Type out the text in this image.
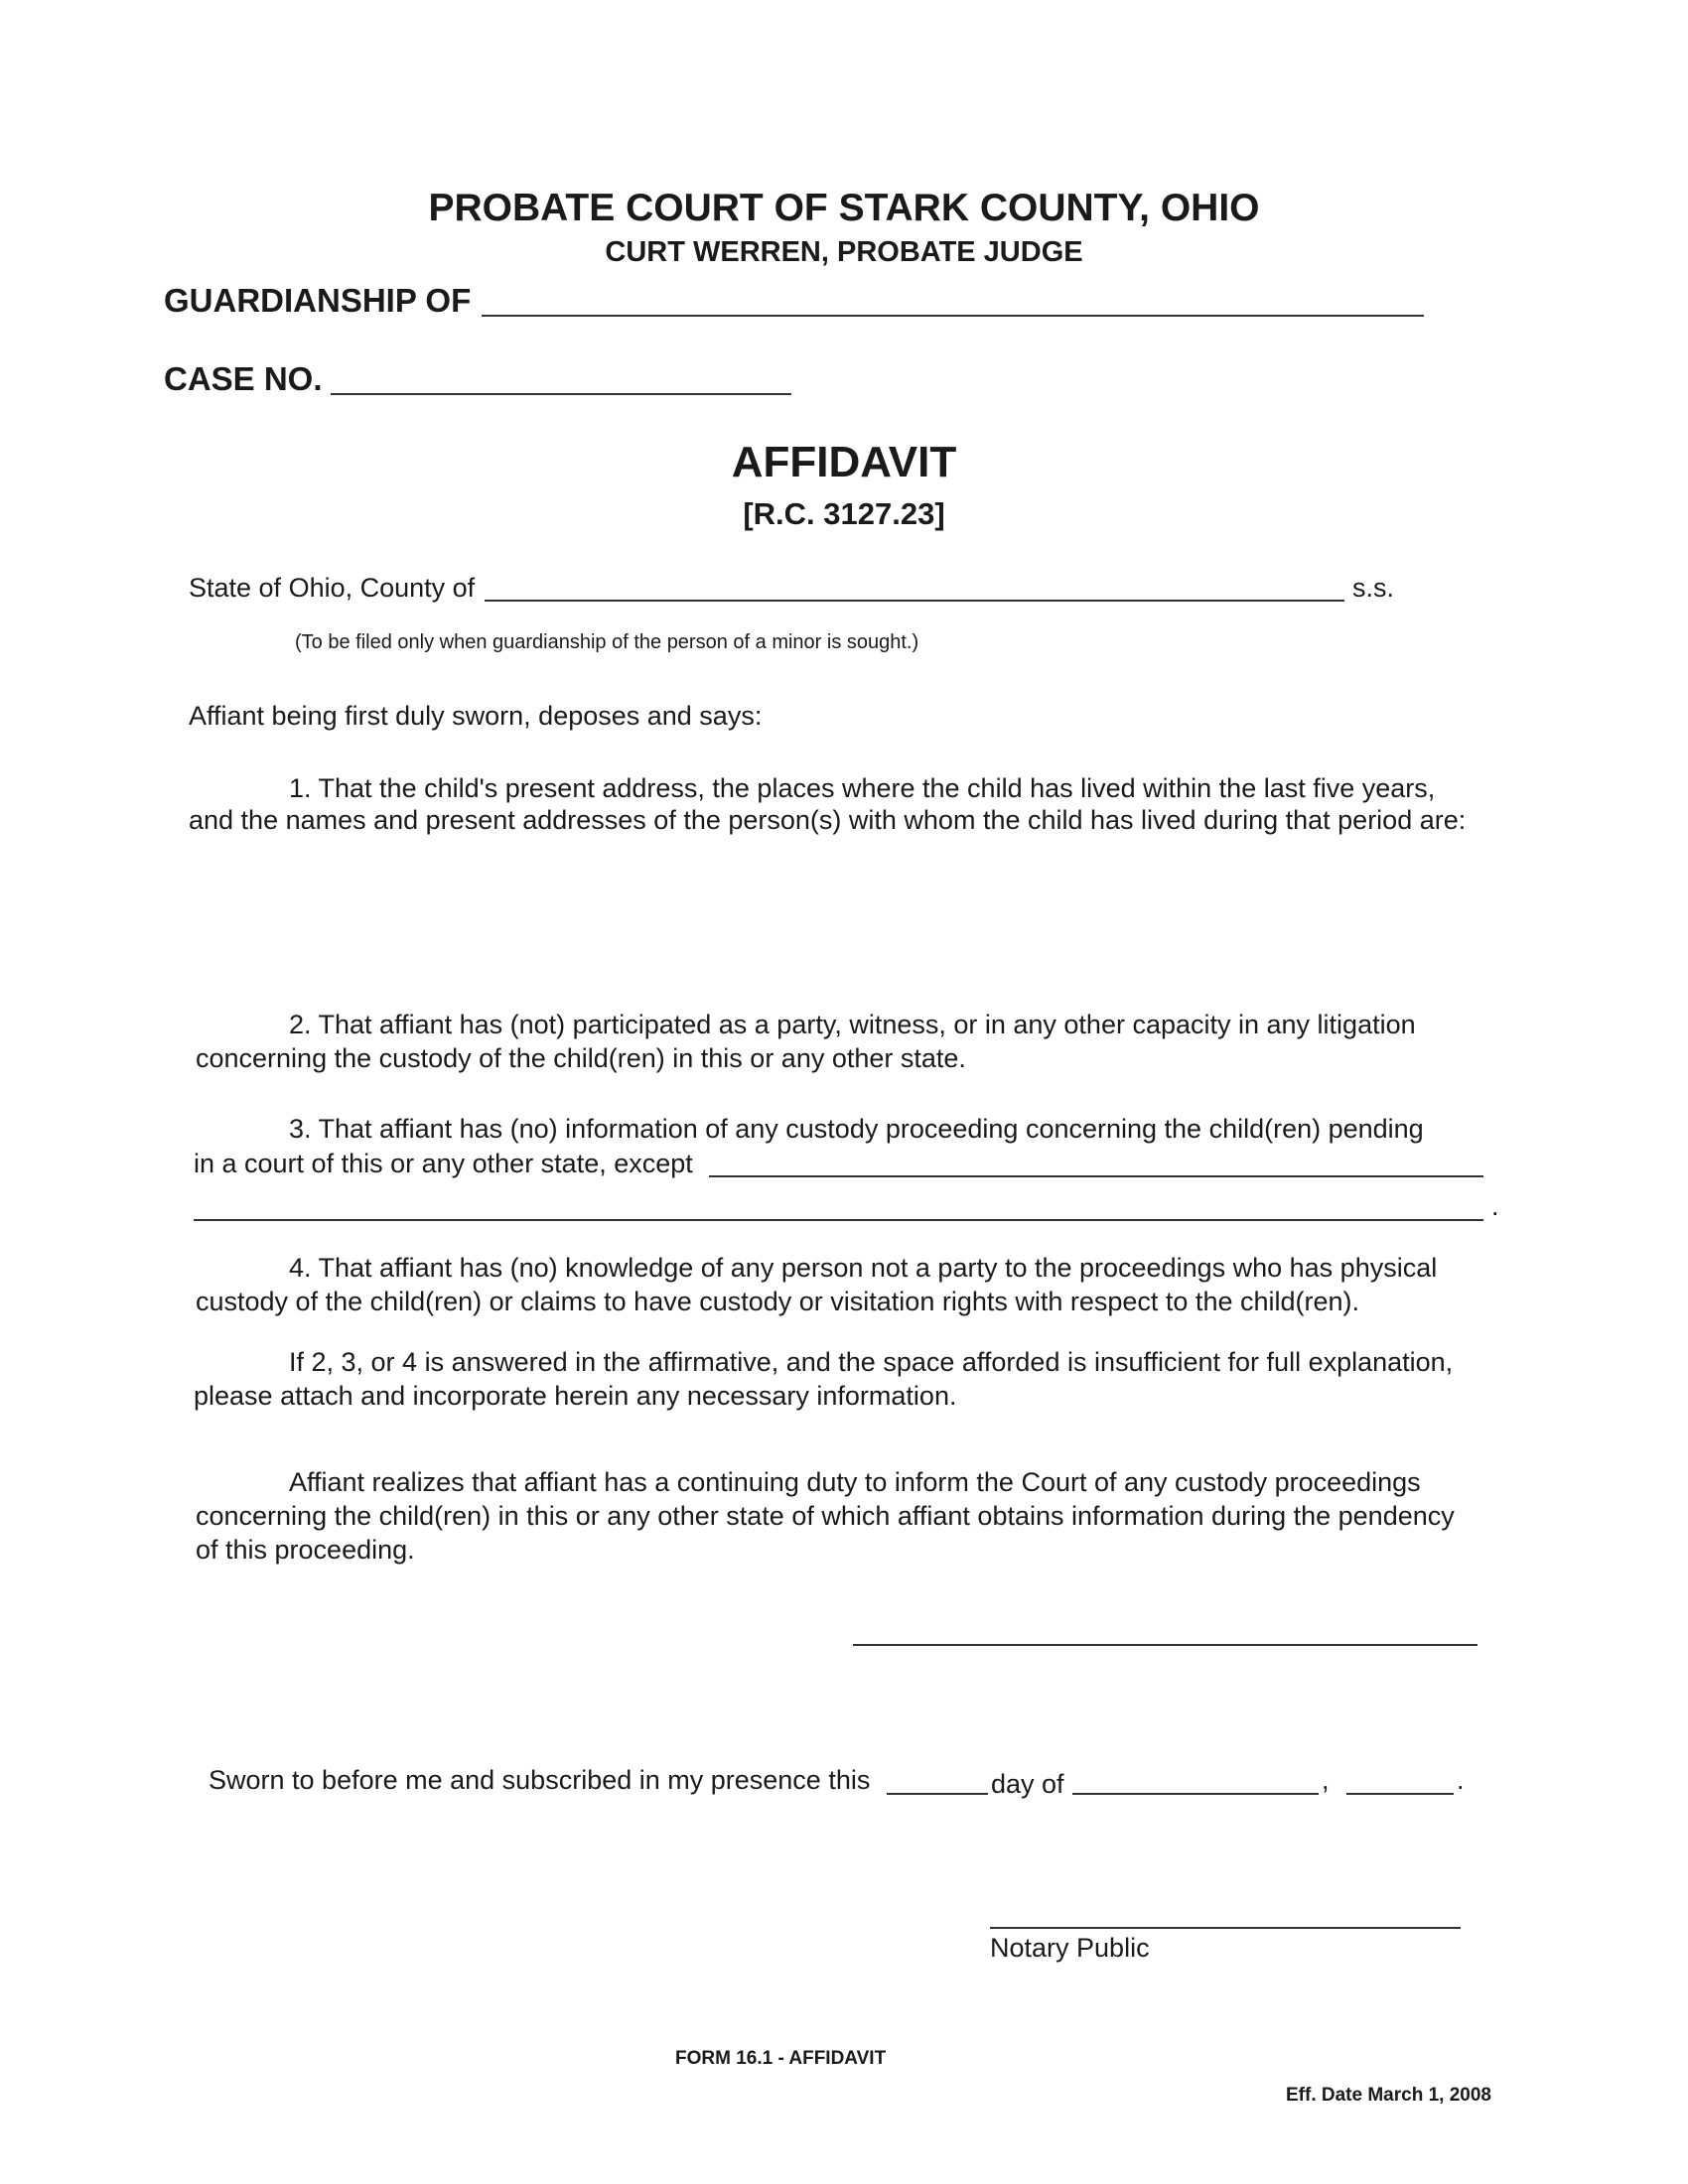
PROBATE COURT OF STARK COUNTY, OHIO
CURT WERREN, PROBATE JUDGE
GUARDIANSHIP OF
CASE NO.
AFFIDAVIT
[R.C. 3127.23]
State of Ohio, County of	s.s.
(To be filed only when guardianship of the person of a minor is sought.)
Affiant being first duly sworn, deposes and says:
1. That the child's present address, the places where the child has lived within the last five years,
and the names and present addresses of the person(s) with whom the child has lived during that period are:
2. That affiant has (not) participated as a party, witness, or in any other capacity in any litigation
concerning the custody of the child(ren) in this or any other state.
3. That affiant has (no) information of any custody proceeding concerning the child(ren) pending
in a court of this or any other state, except
.
4. That affiant has (no) knowledge of any person not a party to the proceedings who has physical
custody of the child(ren) or claims to have custody or visitation rights with respect to the child(ren).
If 2, 3, or 4 is answered in the affirmative, and the space afforded is insufficient for full explanation,
please attach and incorporate herein any necessary information.
Affiant realizes that affiant has a continuing duty to inform the Court of any custody proceedings
concerning the child(ren) in this or any other state of which affiant obtains information during the pendency
of this proceeding.
Sworn to before me and subscribed in my presence this	day of	,	.
Notary Public
FORM 16.1 - AFFIDAVIT
Eff. Date March 1, 2008
